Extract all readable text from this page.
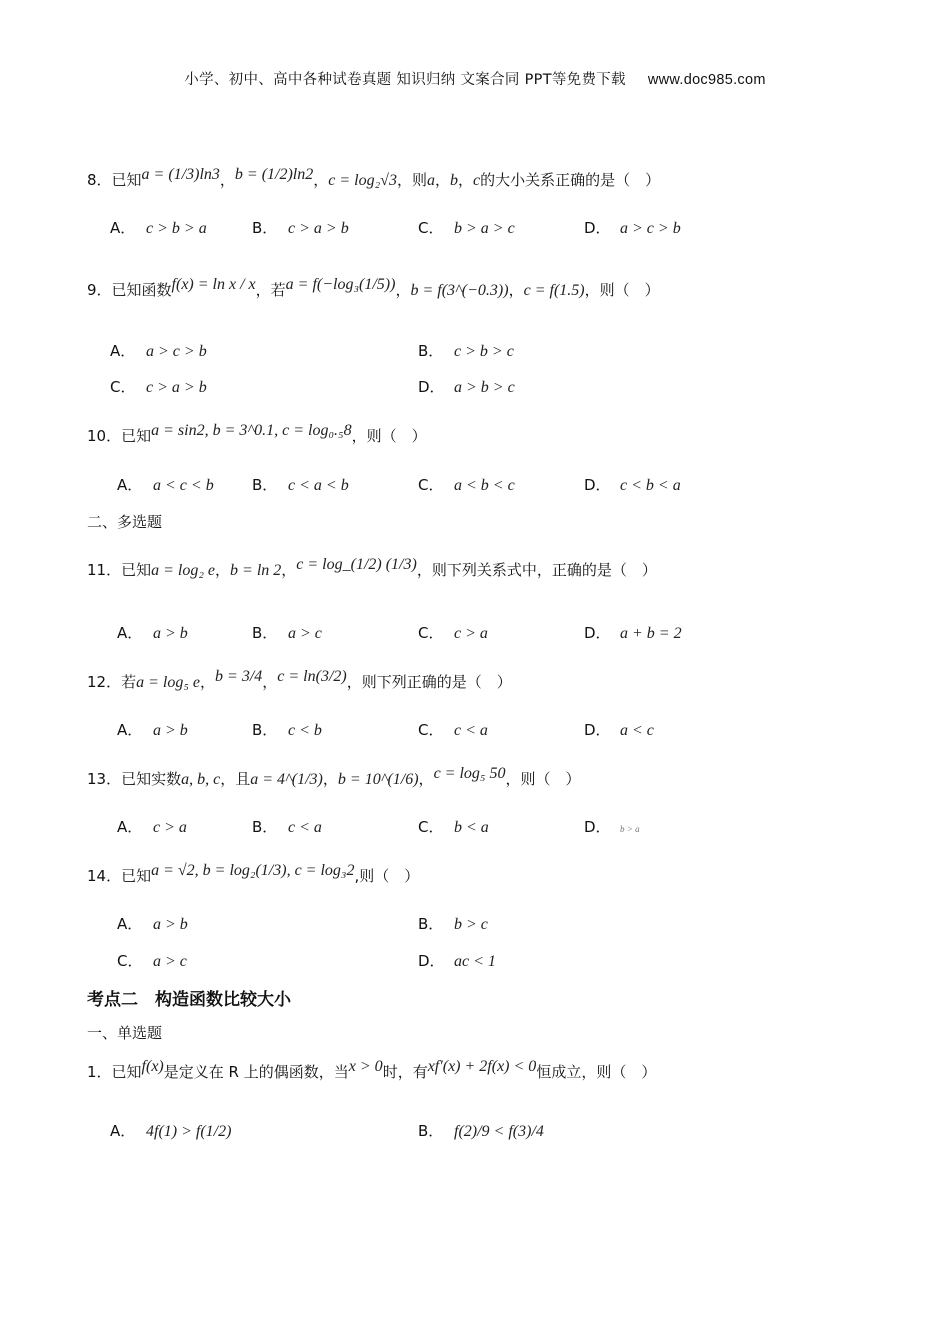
小学、初中、高中各种试卷真题 知识归纳 文案合同 PPT等免费下载 www.doc985.com
8．已知a = (1/3)ln3，b = (1/2)ln2，c = log₂√3，则a，b，c的大小关系正确的是（　）
A． c > b > a	B． c > a > b	C． b > a > c	D． a > c > b
9．已知函数f(x) = ln x / x，若a = f(−log₃(1/5))，b = f(3^(−0.3))，c = f(1.5)，则（　）
A． a > c > b	B． c > b > c
C． c > a > b	D． a > b > c
10．已知a = sin2, b = 3^0.1, c = log₀.₅8，则（　）
A． a < c < b	B． c < a < b	C． a < b < c	D． c < b < a
二、多选题
11．已知a = log₂ e，b = ln 2，c = log_(1/2) (1/3)，则下列关系式中，正确的是（　）
A． a > b	B． a > c	C． c > a	D． a + b = 2
12．若a = log₅ e，b = 3/4，c = ln(3/2)，则下列正确的是（　）
A． a > b	B． c < b	C． c < a	D． a < c
13．已知实数a, b, c，且a = 4^(1/3)，b = 10^(1/6)，c = log₅ 50，则（　）
A． c > a	B． c < a	C． b < a	D． b > a
14．已知a = √2, b = log₂(1/3), c = log₃2,则（　）
A． a > b	B． b > c
C． a > c	D． ac < 1
考点二　构造函数比较大小
一、单选题
1．已知f(x)是定义在 R 上的偶函数，当x > 0时，有xf′(x) + 2f(x) < 0恒成立，则（　）
A． 4f(1) > f(1/2)	B． f(2)/9 < f(3)/4
